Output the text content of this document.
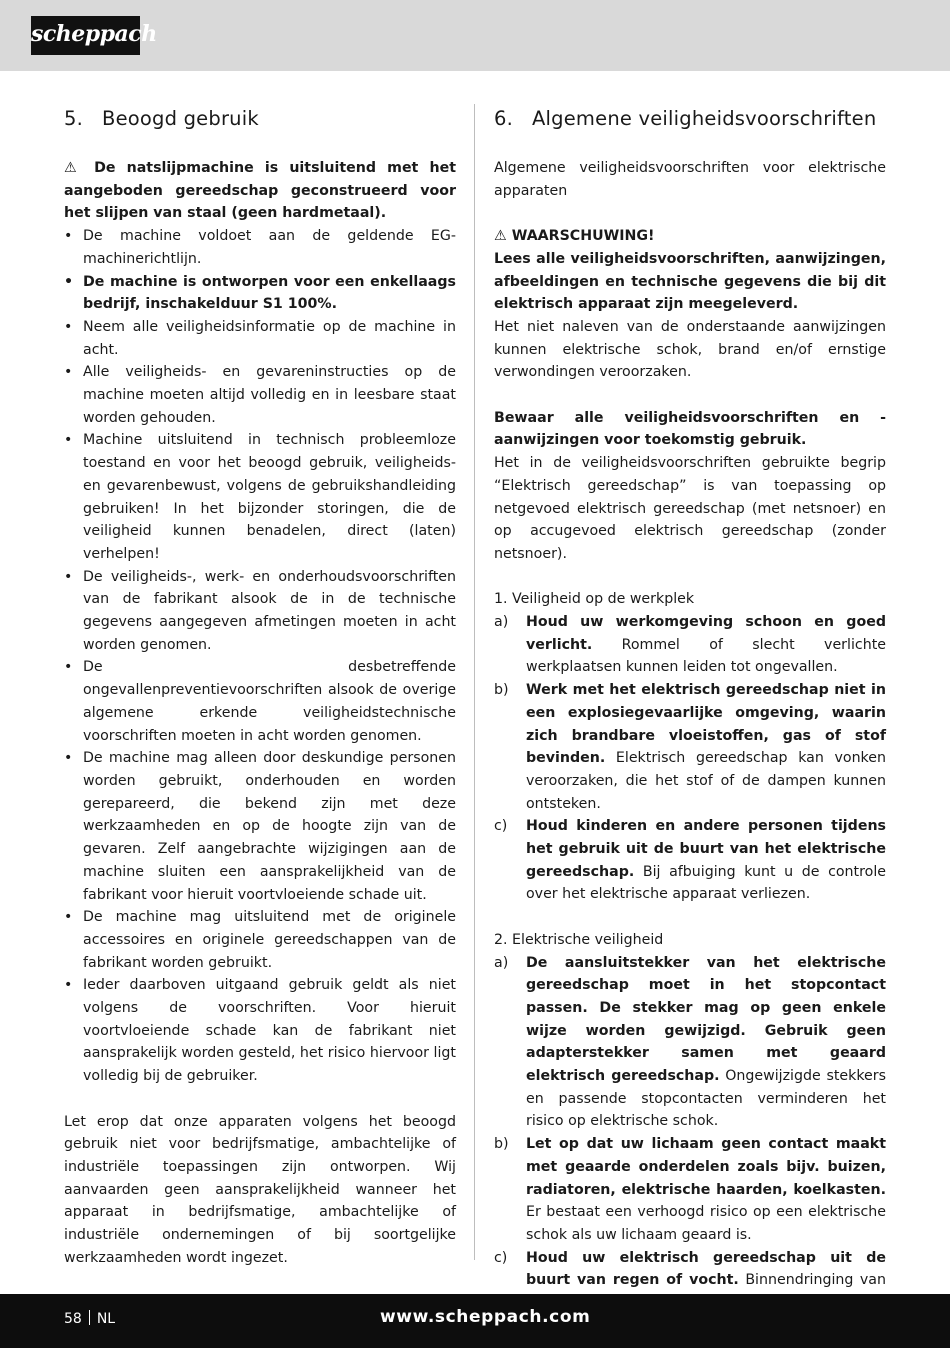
scheppach
5. Beoogd gebruik

⚠ De natslijpmachine is uitsluitend met het aangeboden gereedschap geconstrueerd voor het slijpen van staal (geen hardmetaal).

• De machine voldoet aan de geldende EG-machinerichtlijn.
• De machine is ontworpen voor een enkellaags bedrijf, inschakelduur S1 100%.
• Neem alle veiligheidsinformatie op de machine in acht.
• Alle veiligheids- en gevareninstructies op de machine moeten altijd volledig en in leesbare staat worden gehouden.
• Machine uitsluitend in technisch probleemloze toestand en voor het beoogd gebruik, veiligheids- en gevarenbewust, volgens de gebruikshandleiding gebruiken! In het bijzonder storingen, die de veiligheid kunnen benadelen, direct (laten) verhelpen!
• De veiligheids-, werk- en onderhoudsvoorschriften van de fabrikant alsook de in de technische gegevens aangegeven afmetingen moeten in acht worden genomen.
• De desbetreffende ongevallenpreventievoorschriften alsook de overige algemene erkende veiligheidstechnische voorschriften moeten in acht worden genomen.
• De machine mag alleen door deskundige personen worden gebruikt, onderhouden en worden gerepareerd, die bekend zijn met deze werkzaamheden en op de hoogte zijn van de gevaren. Zelf aangebrachte wijzigingen aan de machine sluiten een aansprakelijkheid van de fabrikant voor hieruit voortvloeiende schade uit.
• De machine mag uitsluitend met de originele accessoires en originele gereedschappen van de fabrikant worden gebruikt.
• Ieder daarboven uitgaand gebruik geldt als niet volgens de voorschriften. Voor hieruit voortvloeiende schade kan de fabrikant niet aansprakelijk worden gesteld, het risico hiervoor ligt volledig bij de gebruiker.

Let erop dat onze apparaten volgens het beoogd gebruik niet voor bedrijfsmatige, ambachtelijke of industriële toepassingen zijn ontworpen. Wij aanvaarden geen aansprakelijkheid wanneer het apparaat in bedrijfsmatige, ambachtelijke of industriële ondernemingen of bij soortgelijke werkzaamheden wordt ingezet.

6. Algemene veiligheidsvoorschriften

Algemene veiligheidsvoorschriften voor elektrische apparaten

⚠ WAARSCHUWING!

Lees alle veiligheidsvoorschriften, aanwijzingen, afbeeldingen en technische gegevens die bij dit elektrisch apparaat zijn meegeleverd.

Het niet naleven van de onderstaande aanwijzingen kunnen elektrische schok, brand en/of ernstige verwondingen veroorzaken.

Bewaar alle veiligheidsvoorschriften en -aanwijzingen voor toekomstig gebruik.

Het in de veiligheidsvoorschriften gebruikte begrip “Elektrisch gereedschap” is van toepassing op netgevoed elektrisch gereedschap (met netsnoer) en op accugevoed elektrisch gereedschap (zonder netsnoer).

1. Veiligheid op de werkplek

a) Houd uw werkomgeving schoon en goed verlicht. Rommel of slecht verlichte werkplaatsen kunnen leiden tot ongevallen.
b) Werk met het elektrisch gereedschap niet in een explosiegevaarlijke omgeving, waarin zich brandbare vloeistoffen, gas of stof bevinden. Elektrisch gereedschap kan vonken veroorzaken, die het stof of de dampen kunnen ontsteken.
c) Houd kinderen en andere personen tijdens het gebruik uit de buurt van het elektrische gereedschap. Bij afbuiging kunt u de controle over het elektrische apparaat verliezen.

2. Elektrische veiligheid

a) De aansluitstekker van het elektrische gereedschap moet in het stopcontact passen. De stekker mag op geen enkele wijze worden gewijzigd. Gebruik geen adapterstekker samen met geaard elektrisch gereedschap. Ongewijzigde stekkers en passende stopcontacten verminderen het risico op elektrische schok.
b) Let op dat uw lichaam geen contact maakt met geaarde onderdelen zoals bijv. buizen, radiatoren, elektrische haarden, koelkasten. Er bestaat een verhoogd risico op een elektrische schok als uw lichaam geaard is.
c) Houd uw elektrisch gereedschap uit de buurt van regen of vocht. Binnendringing van
58 NL	www.scheppach.com
